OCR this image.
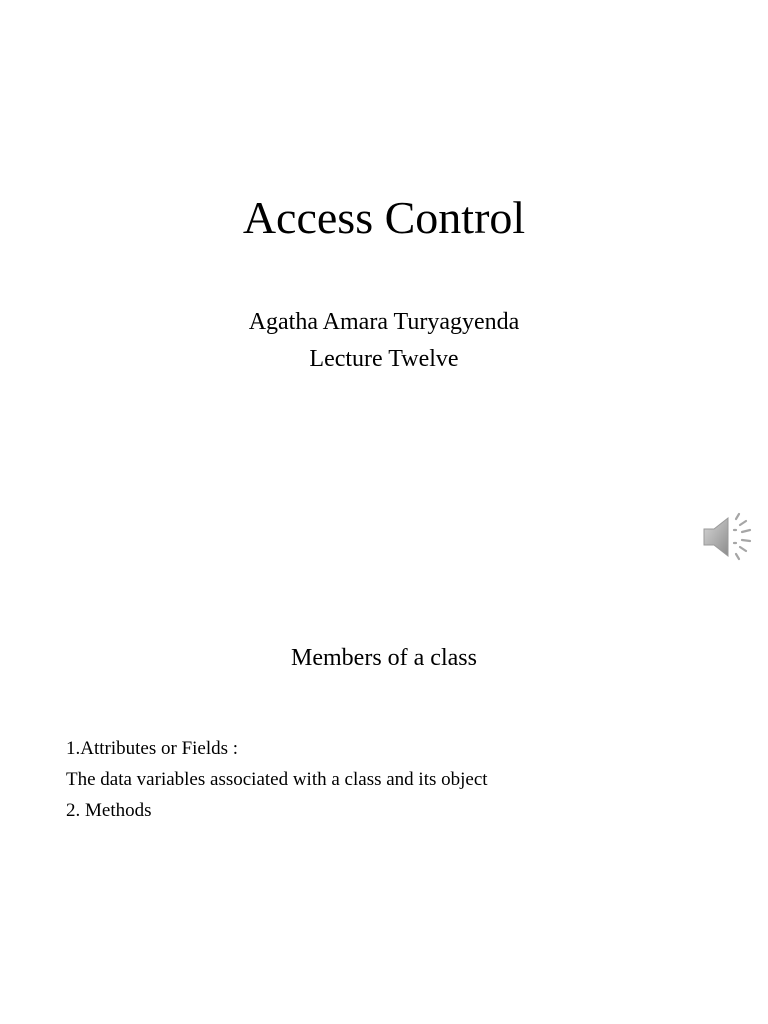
Access Control

Agatha Amara Turyagyenda

Lecture Twelve

Members of a class
1.Attributes or Fields :
The data variables associated with a class and its object
2. Methods
